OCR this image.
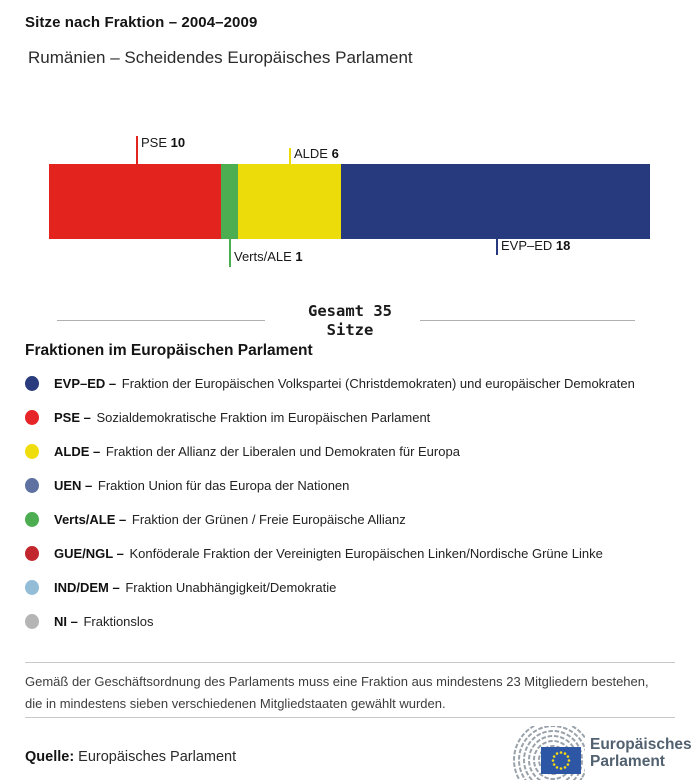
Sitze nach Fraktion – 2004–2009
Rumänien – Scheidendes Europäisches Parlament
PSE 10
ALDE 6
Verts/ALE 1
EVP–ED 18
Gesamt 35
Sitze
Fraktionen im Europäischen Parlament
EVP–ED – Fraktion der Europäischen Volkspartei (Christdemokraten) und europäischer Demokraten
PSE – Sozialdemokratische Fraktion im Europäischen Parlament
ALDE – Fraktion der Allianz der Liberalen und Demokraten für Europa
UEN – Fraktion Union für das Europa der Nationen
Verts/ALE – Fraktion der Grünen / Freie Europäische Allianz
GUE/NGL – Konföderale Fraktion der Vereinigten Europäischen Linken/Nordische Grüne Linke
IND/DEM – Fraktion Unabhängigkeit/Demokratie
NI – Fraktionslos
Gemäß der Geschäftsordnung des Parlaments muss eine Fraktion aus mindestens 23 Mitgliedern bestehen, die in mindestens sieben verschiedenen Mitgliedstaaten gewählt wurden.
Quelle: Europäisches Parlament
Europäisches
Parlament
